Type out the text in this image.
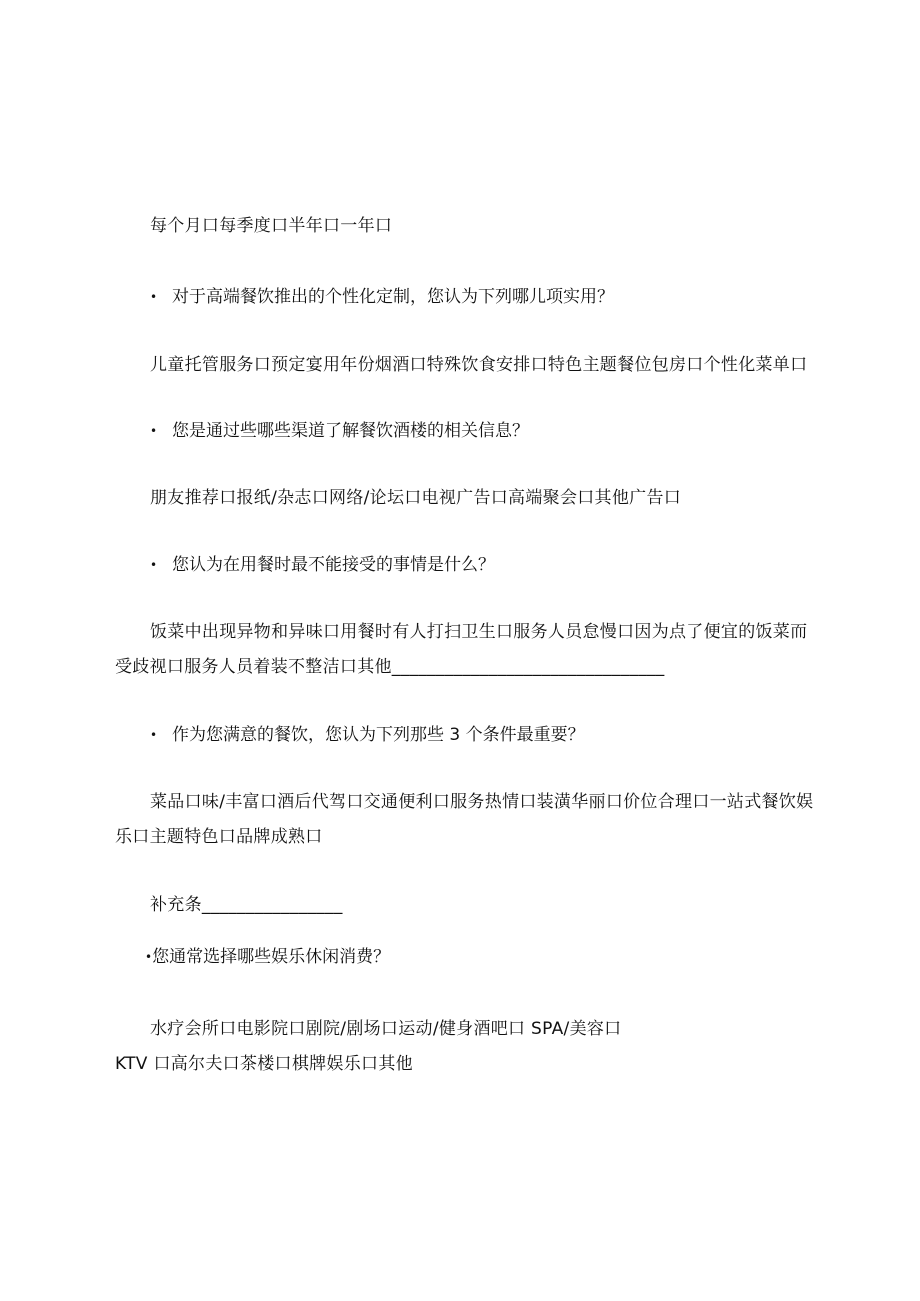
每个月口每季度口半年口一年口
• 对于高端餐饮推出的个性化定制，您认为下列哪儿项实用？
儿童托管服务口预定宴用年份烟酒口特殊饮食安排口特色主题餐位包房口个性化菜单口
• 您是通过些哪些渠道了解餐饮酒楼的相关信息？
朋友推荐口报纸/杂志口网络/论坛口电视广告口高端聚会口其他广告口
• 您认为在用餐时最不能接受的事情是什么？
饭菜中出现异物和异味口用餐时有人打扫卫生口服务人员怠慢口因为点了便宜的饭菜而
受歧视口服务人员着装不整洁口其他_______________________________
• 作为您满意的餐饮，您认为下列那些 3 个条件最重要？
菜品口味/丰富口酒后代驾口交通便利口服务热情口装潢华丽口价位合理口一站式餐饮娱
乐口主题特色口品牌成熟口
补充条________________
•您通常选择哪些娱乐休闲消费？
水疗会所口电影院口剧院/剧场口运动/健身酒吧口 SPA/美容口
KTV 口高尔夫口茶楼口棋牌娱乐口其他
